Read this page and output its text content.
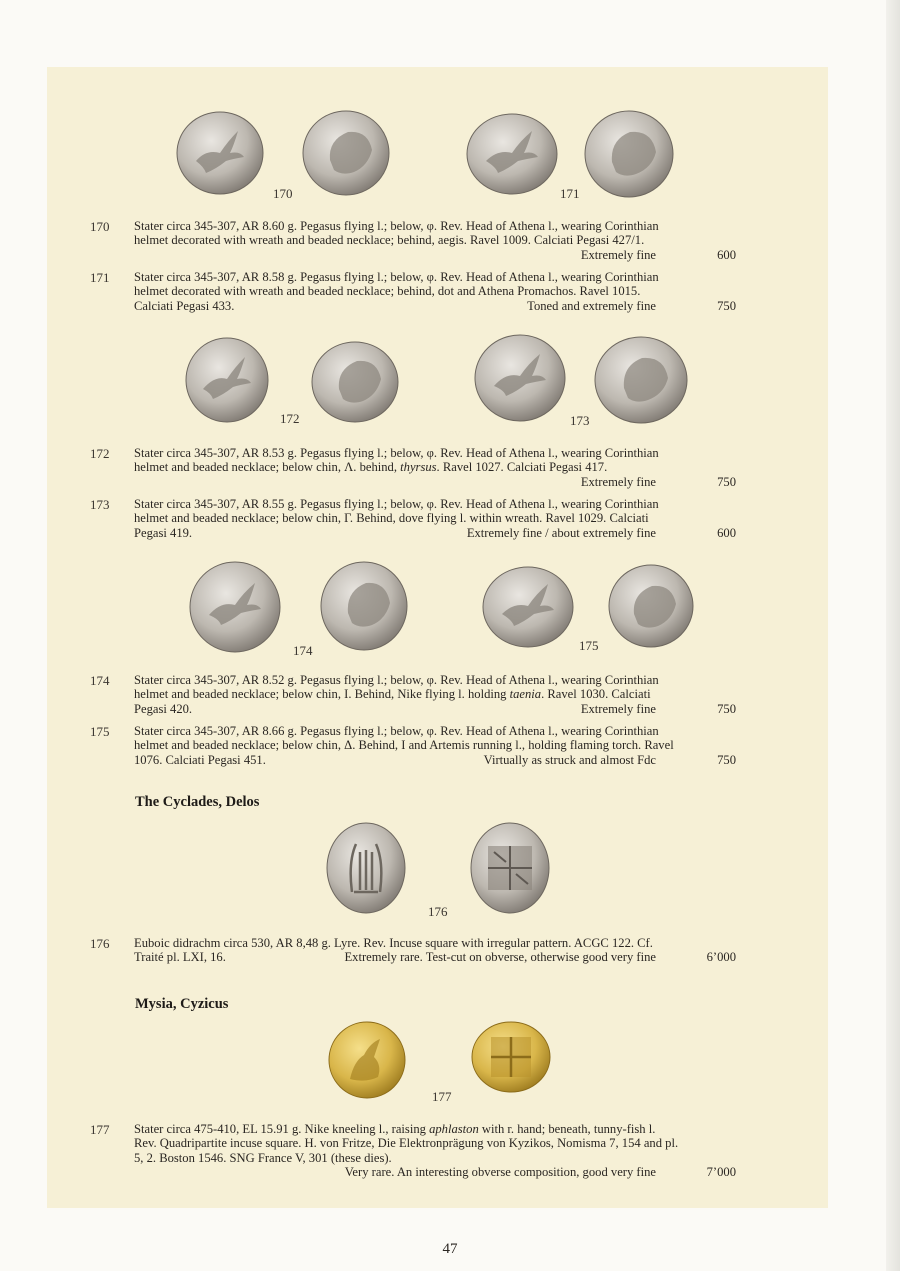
170	171
170 Stater circa 345-307, AR 8.60 g. Pegasus flying l.; below, φ. Rev. Head of Athena l., wearing Corinthian
helmet decorated with wreath and beaded necklace; behind, aegis. Ravel 1009. Calciati Pegasi 427/1.
Extremely fine	600
171 Stater circa 345-307, AR 8.58 g. Pegasus flying l.; below, φ. Rev. Head of Athena l., wearing Corinthian
helmet decorated with wreath and beaded necklace; behind, dot and Athena Promachos. Ravel 1015.
Calciati Pegasi 433.	Toned and extremely fine	750
172	173
172 Stater circa 345-307, AR 8.53 g. Pegasus flying l.; below, φ. Rev. Head of Athena l., wearing Corinthian
helmet and beaded necklace; below chin, Λ. behind, thyrsus. Ravel 1027. Calciati Pegasi 417.
Extremely fine	750
173 Stater circa 345-307, AR 8.55 g. Pegasus flying l.; below, φ. Rev. Head of Athena l., wearing Corinthian
helmet and beaded necklace; below chin, Γ. Behind, dove flying l. within wreath. Ravel 1029. Calciati
Pegasi 419.	Extremely fine / about extremely fine	600
174	175
174 Stater circa 345-307, AR 8.52 g. Pegasus flying l.; below, φ. Rev. Head of Athena l., wearing Corinthian
helmet and beaded necklace; below chin, I. Behind, Nike flying l. holding taenia. Ravel 1030. Calciati
Pegasi 420.	Extremely fine	750
175 Stater circa 345-307, AR 8.66 g. Pegasus flying l.; below, φ. Rev. Head of Athena l., wearing Corinthian
helmet and beaded necklace; below chin, Δ. Behind, I and Artemis running l., holding flaming torch. Ravel
1076. Calciati Pegasi 451.	Virtually as struck and almost Fdc	750
The Cyclades, Delos
176
176 Euboic didrachm circa 530, AR 8,48 g. Lyre. Rev. Incuse square with irregular pattern. ACGC 122. Cf.
Traité pl. LXI, 16.	Extremely rare. Test-cut on obverse, otherwise good very fine	6’000
Mysia, Cyzicus
177
177 Stater circa 475-410, EL 15.91 g. Nike kneeling l., raising aphlaston with r. hand; beneath, tunny-fish l.
Rev. Quadripartite incuse square. H. von Fritze, Die Elektronprägung von Kyzikos, Nomisma 7, 154 and pl.
5, 2. Boston 1546. SNG France V, 301 (these dies).
Very rare. An interesting obverse composition, good very fine	7’000
47
